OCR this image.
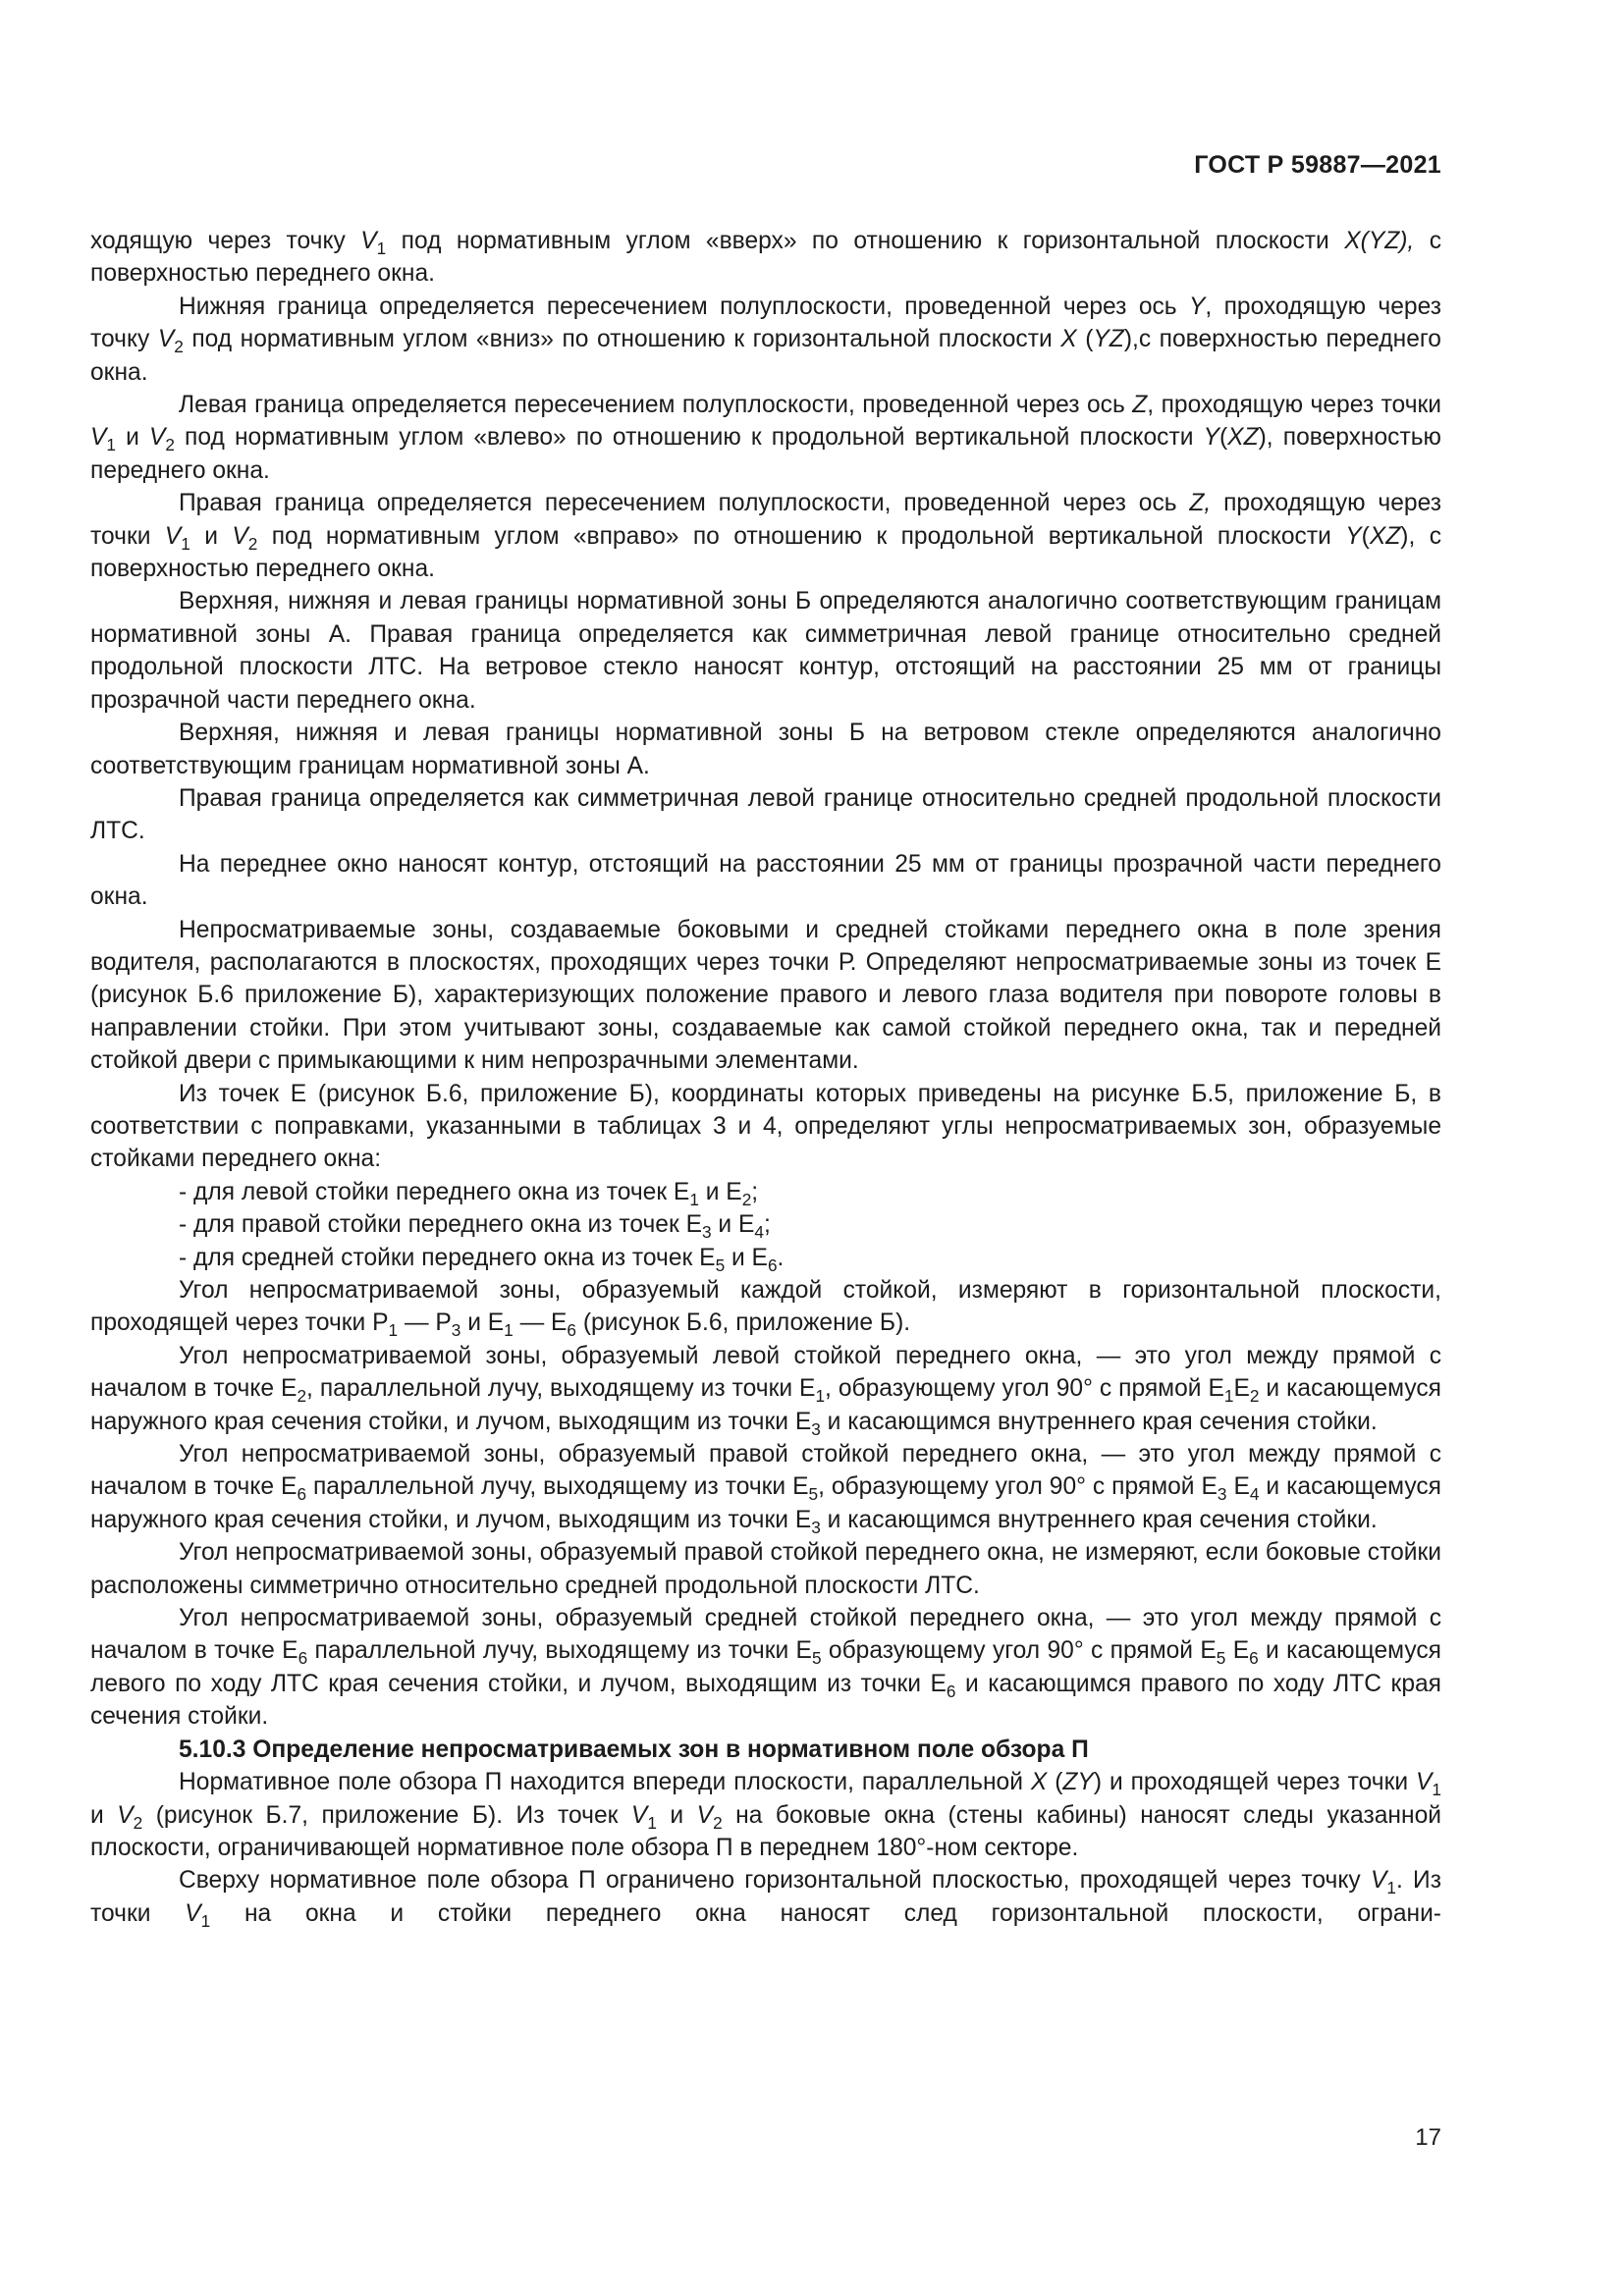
ГОСТ Р 59887—2021

ходящую через точку $V_1$ под нормативным углом «вверх» по отношению к горизонтальной плоскости X(YZ), с поверхностью переднего окна.

Нижняя граница определяется пересечением полуплоскости, проведенной через ось Y, проходящую через точку $V_2$ под нормативным углом «вниз» по отношению к горизонтальной плоскости X (YZ),с поверхностью переднего окна.

Левая граница определяется пересечением полуплоскости, проведенной через ось Z, проходящую через точки $V_1$ и $V_2$ под нормативным углом «влево» по отношению к продольной вертикальной плоскости Y(XZ), поверхностью переднего окна.

Правая граница определяется пересечением полуплоскости, проведенной через ось Z, проходящую через точки $V_1$ и $V_2$ под нормативным углом «вправо» по отношению к продольной вертикальной плоскости Y(XZ), с поверхностью переднего окна.

Верхняя, нижняя и левая границы нормативной зоны Б определяются аналогично соответствующим границам нормативной зоны А. Правая граница определяется как симметричная левой границе относительно средней продольной плоскости ЛТС. На ветровое стекло наносят контур, отстоящий на расстоянии 25 мм от границы прозрачной части переднего окна.

Верхняя, нижняя и левая границы нормативной зоны Б на ветровом стекле определяются аналогично соответствующим границам нормативной зоны А.

Правая граница определяется как симметричная левой границе относительно средней продольной плоскости ЛТС.

На переднее окно наносят контур, отстоящий на расстоянии 25 мм от границы прозрачной части переднего окна.

Непросматриваемые зоны, создаваемые боковыми и средней стойками переднего окна в поле зрения водителя, располагаются в плоскостях, проходящих через точки Р. Определяют непросматриваемые зоны из точек Е (рисунок Б.6 приложение Б), характеризующих положение правого и левого глаза водителя при повороте головы в направлении стойки. При этом учитывают зоны, создаваемые как самой стойкой переднего окна, так и передней стойкой двери с примыкающими к ним непрозрачными элементами.

Из точек Е (рисунок Б.6, приложение Б), координаты которых приведены на рисунке Б.5, приложение Б, в соответствии с поправками, указанными в таблицах 3 и 4, определяют углы непросматриваемых зон, образуемые стойками переднего окна:

- для левой стойки переднего окна из точек $Е_1$ и $Е_2$;

- для правой стойки переднего окна из точек $Е_3$ и $Е_4$;

- для средней стойки переднего окна из точек $Е_5$ и $Е_6$.

Угол непросматриваемой зоны, образуемый каждой стойкой, измеряют в горизонтальной плоскости, проходящей через точки $Р_1$ — $Р_3$ и $Е_1$ — $Е_6$ (рисунок Б.6, приложение Б).

Угол непросматриваемой зоны, образуемый левой стойкой переднего окна, — это угол между прямой с началом в точке $Е_2$, параллельной лучу, выходящему из точки $Е_1$, образующему угол 90° с прямой $Е_1Е_2$ и касающемуся наружного края сечения стойки, и лучом, выходящим из точки $Е_3$ и касающимся внутреннего края сечения стойки.

Угол непросматриваемой зоны, образуемый правой стойкой переднего окна, — это угол между прямой с началом в точке $Е_6$ параллельной лучу, выходящему из точки $Е_5$, образующему угол 90° с прямой $Е_3$ $Е_4$ и касающемуся наружного края сечения стойки, и лучом, выходящим из точки $Е_3$ и касающимся внутреннего края сечения стойки.

Угол непросматриваемой зоны, образуемый правой стойкой переднего окна, не измеряют, если боковые стойки расположены симметрично относительно средней продольной плоскости ЛТС.

Угол непросматриваемой зоны, образуемый средней стойкой переднего окна, — это угол между прямой с началом в точке $Е_6$ параллельной лучу, выходящему из точки $Е_5$ образующему угол 90° с прямой $Е_5$ $Е_6$ и касающемуся левого по ходу ЛТС края сечения стойки, и лучом, выходящим из точки $Е_6$ и касающимся правого по ходу ЛТС края сечения стойки.

5.10.3 Определение непросматриваемых зон в нормативном поле обзора П

Нормативное поле обзора П находится впереди плоскости, параллельной X (ZY) и проходящей через точки $V_1$ и $V_2$ (рисунок Б.7, приложение Б). Из точек $V_1$ и $V_2$ на боковые окна (стены кабины) наносят следы указанной плоскости, ограничивающей нормативное поле обзора П в переднем 180°-ном секторе.

Сверху нормативное поле обзора П ограничено горизонтальной плоскостью, проходящей через точку $V_1$. Из точки $V_1$ на окна и стойки переднего окна наносят след горизонтальной плоскости, ограни-

17
